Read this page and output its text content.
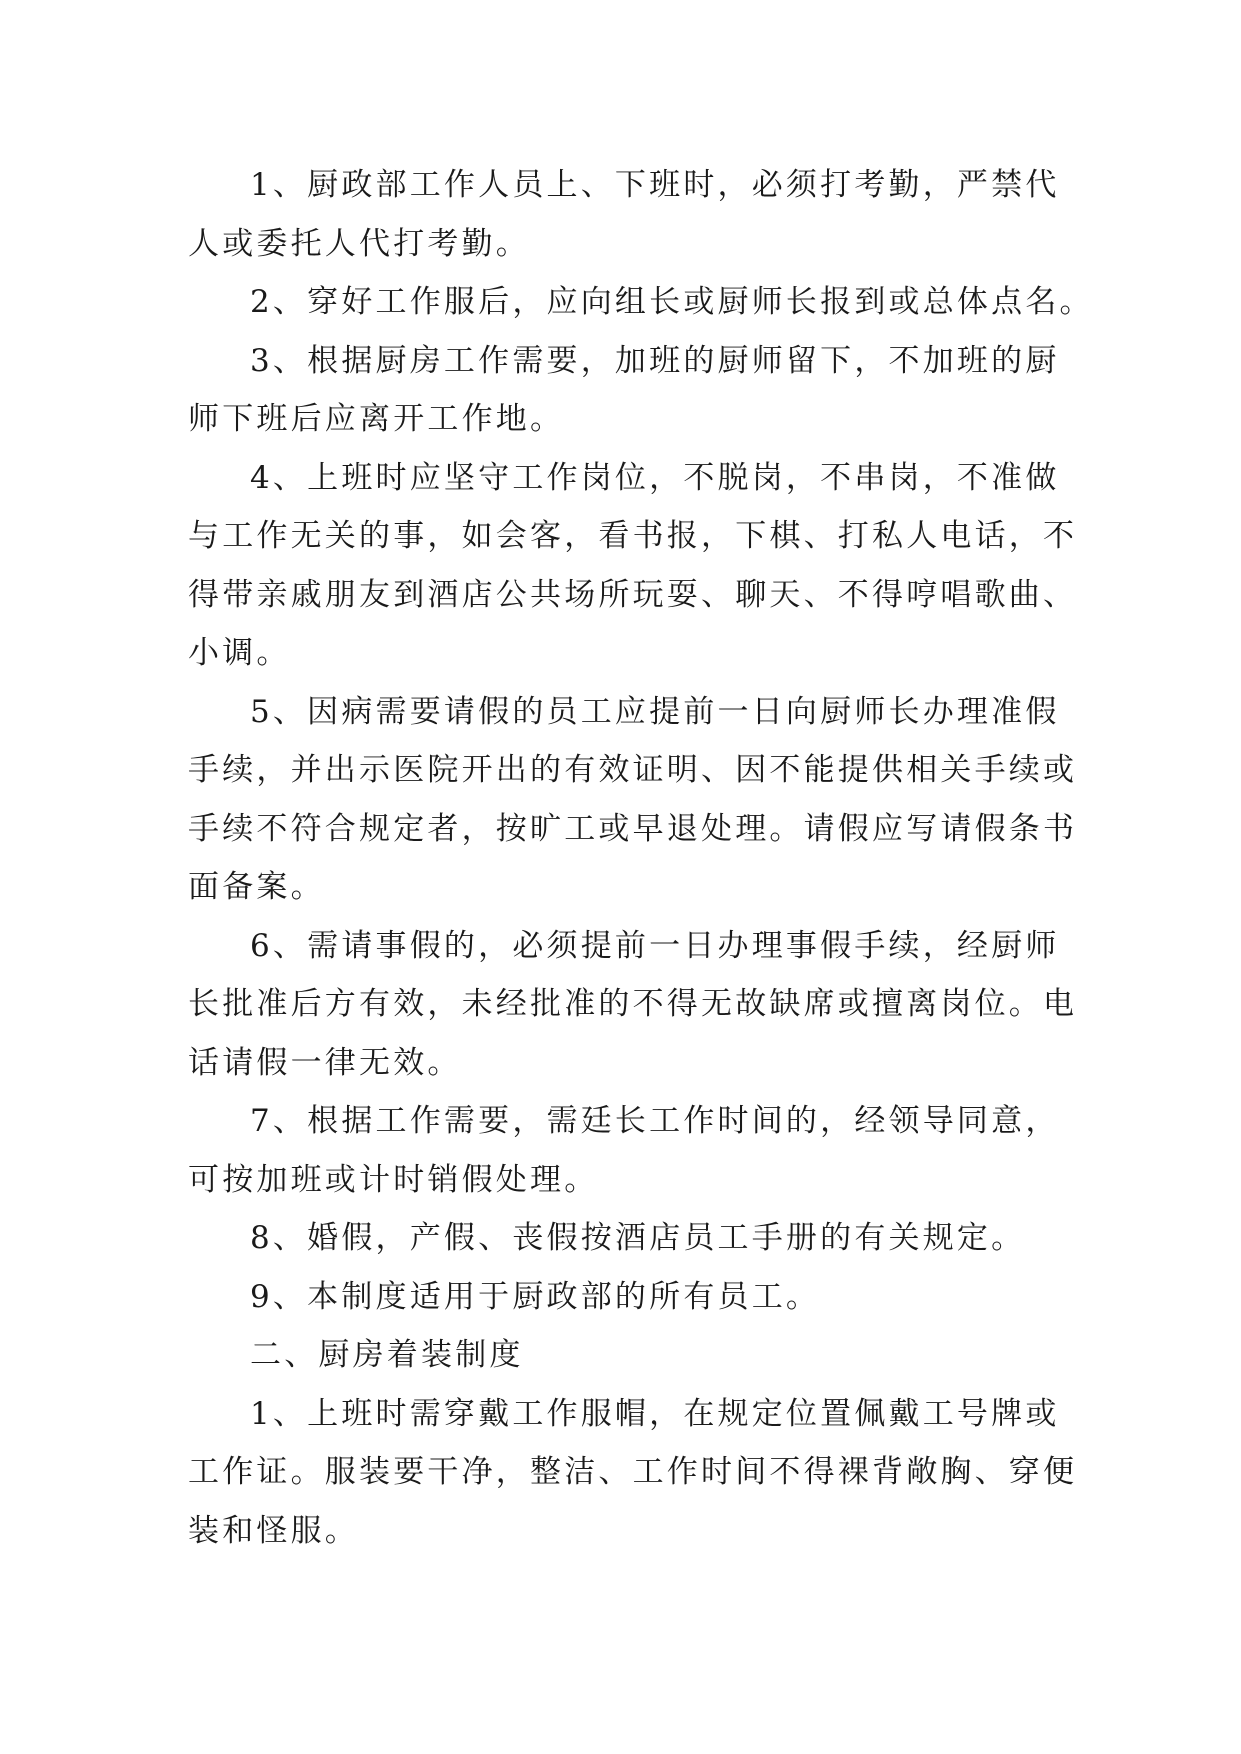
1、厨政部工作人员上、下班时，必须打考勤，严禁代
人或委托人代打考勤。
2、穿好工作服后，应向组长或厨师长报到或总体点名。
3、根据厨房工作需要，加班的厨师留下，不加班的厨
师下班后应离开工作地。
4、上班时应坚守工作岗位，不脱岗，不串岗，不准做
与工作无关的事，如会客，看书报，下棋、打私人电话，不
得带亲戚朋友到酒店公共场所玩耍、聊天、不得哼唱歌曲、
小调。
5、因病需要请假的员工应提前一日向厨师长办理准假
手续，并出示医院开出的有效证明、因不能提供相关手续或
手续不符合规定者，按旷工或早退处理。请假应写请假条书
面备案。
6、需请事假的，必须提前一日办理事假手续，经厨师
长批准后方有效，未经批准的不得无故缺席或擅离岗位。电
话请假一律无效。
7、根据工作需要，需廷长工作时间的，经领导同意，
可按加班或计时销假处理。
8、婚假，产假、丧假按酒店员工手册的有关规定。
9、本制度适用于厨政部的所有员工。
二、厨房着装制度
1、上班时需穿戴工作服帽，在规定位置佩戴工号牌或
工作证。服装要干净，整洁、工作时间不得裸背敞胸、穿便
装和怪服。
